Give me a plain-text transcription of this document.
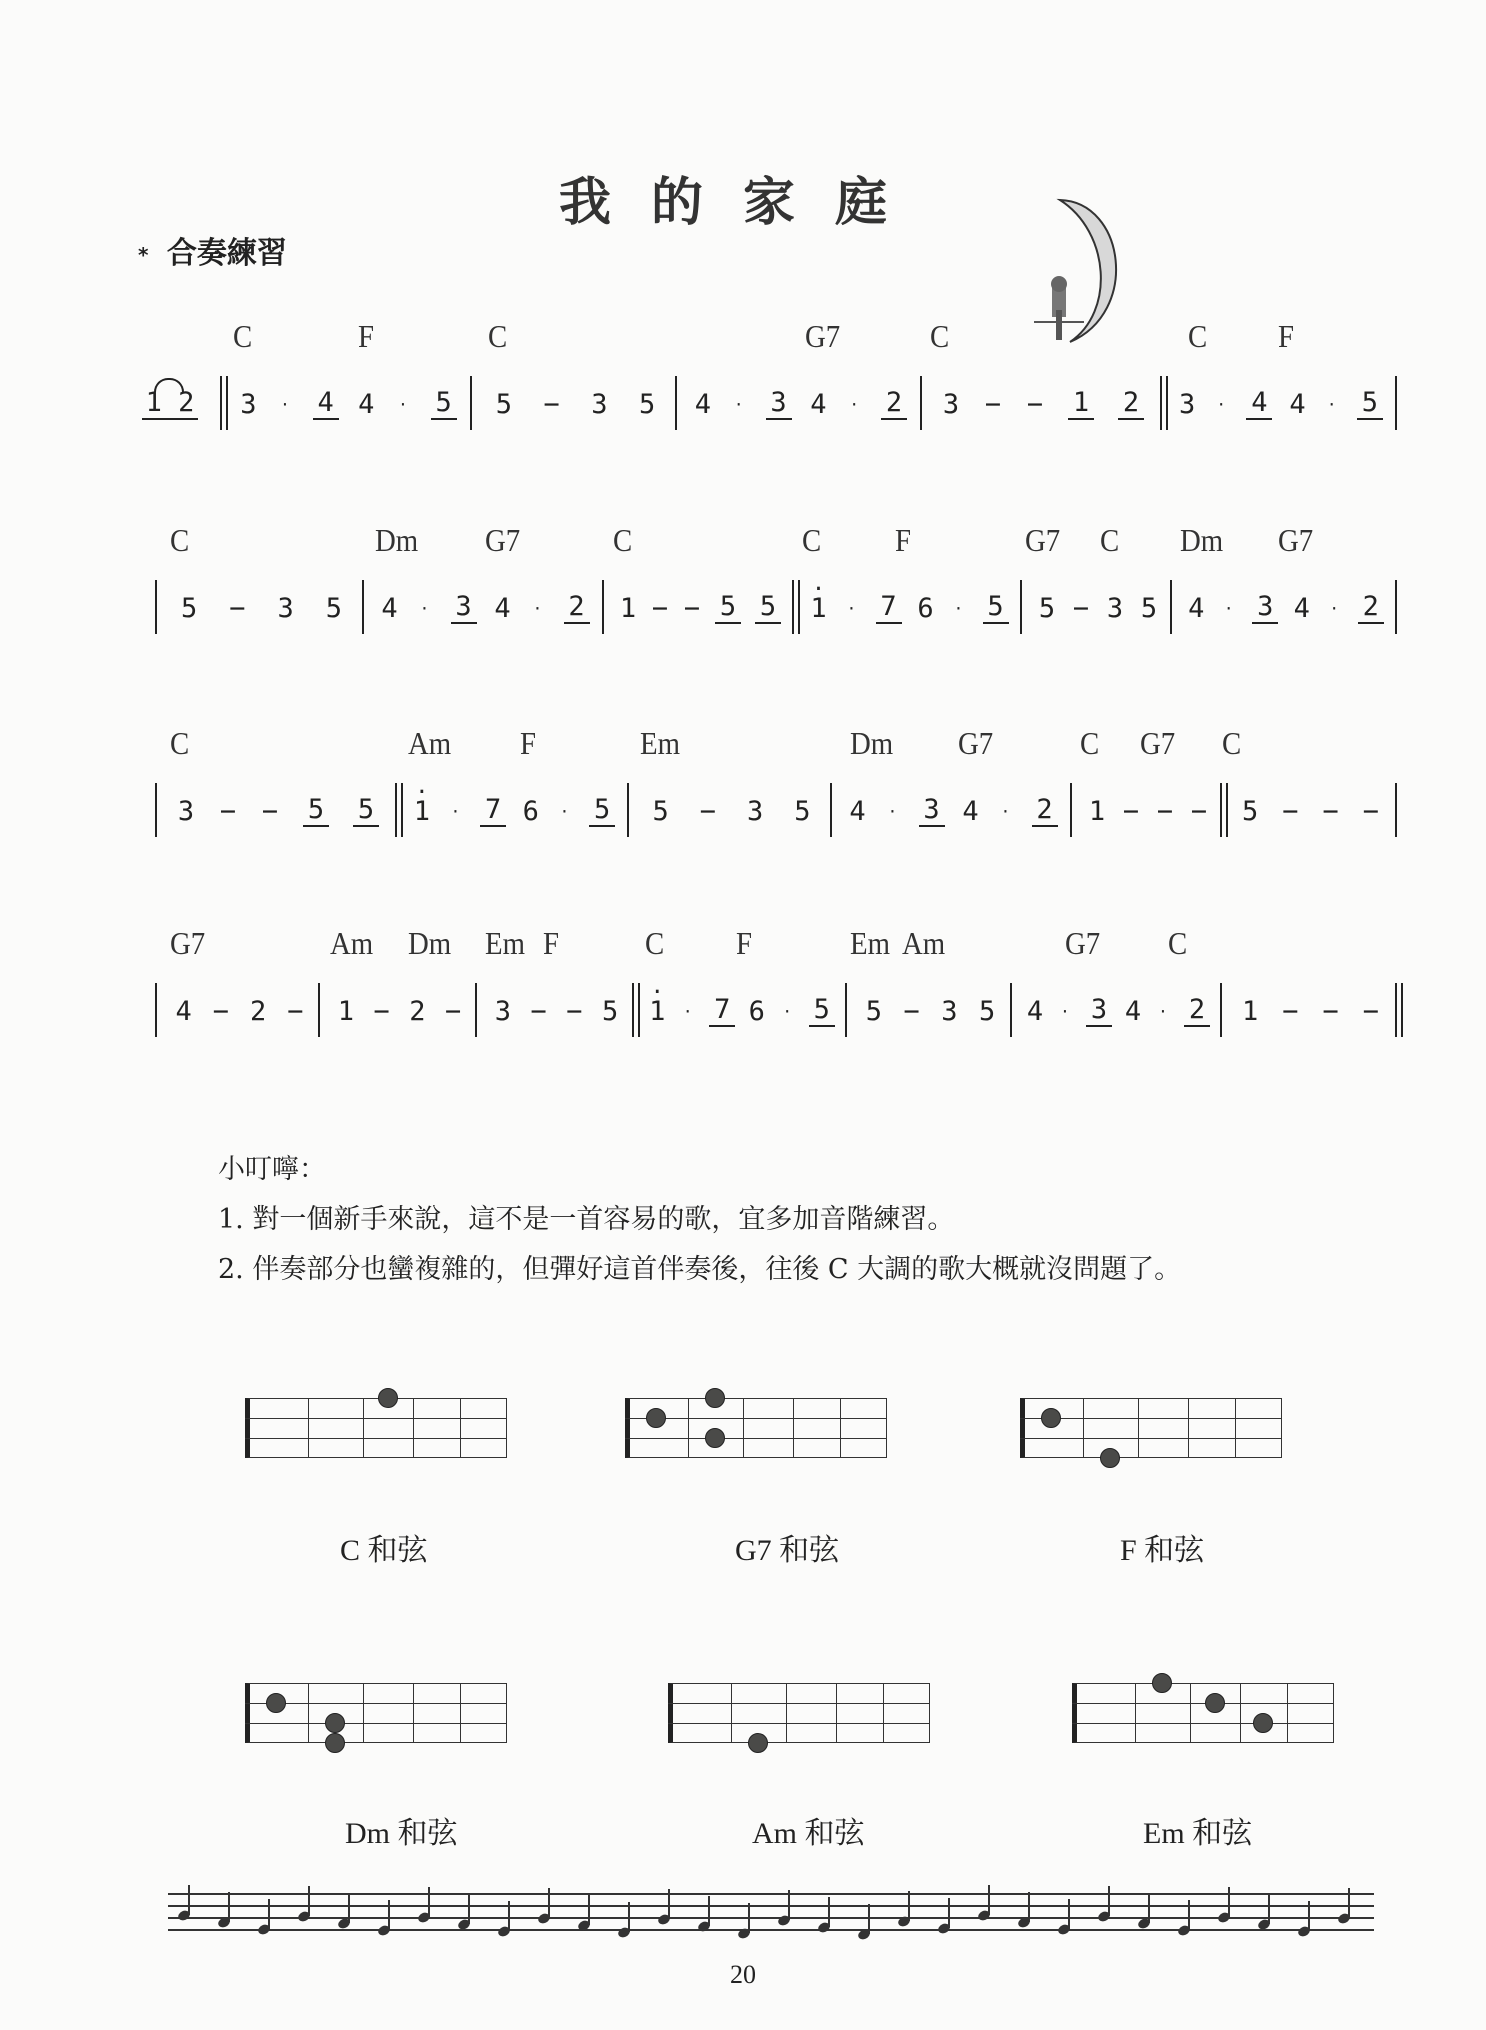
我的家庭
* 合奏練習
C	F	C	G7	C	C F
1 2 3 · 4 4 · 5 5 − 3 5 4 · 3 4 · 2 3 − − 1 2 3 · 4 4 · 5
C	Dm G7	C	C F	G7 C Dm G7
5 − 3 5 4 · 3 4 · 2 1 − − 5 5 · 1 · 7 6 · 5 5 − 3 5 4 · 3 4 · 2
C	Am F	Em	Dm G7	C G7 C
3 − − 5 5 · 1 · 7 6 · 5 5 − 3 5 4 · 3 4 · 2 1 − − − 5 − − −
G7	Am Dm Em F	C F	Em Am	G7 C
4 − 2 − 1 − 2 − 3 − − 5 · 1 · 7 6 · 5 5 − 3 5 4 · 3 4 · 2 1 − − −
小叮嚀：
1. 對一個新手來說，這不是一首容易的歌，宜多加音階練習。
2. 伴奏部分也蠻複雜的，但彈好這首伴奏後，往後 C 大調的歌大概就沒問題了。
C 和弦	G7 和弦	F 和弦
Dm 和弦	Am 和弦	Em 和弦
20
